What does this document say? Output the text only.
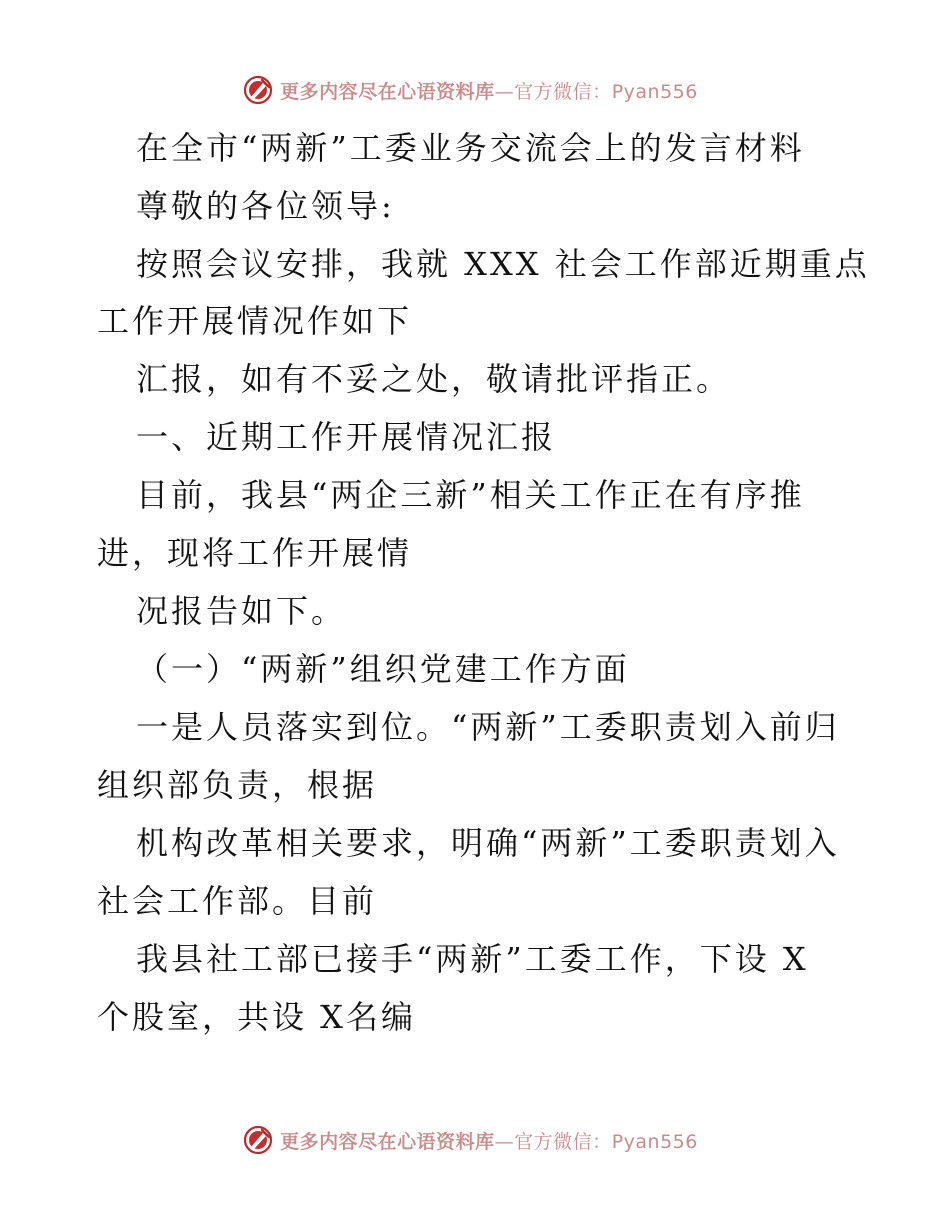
更多内容尽在心语资料库—官方微信：Pyan556
在全市“两新”工委业务交流会上的发言材料
尊敬的各位领导:
按照会议安排，我就 XXX 社会工作部近期重点
工作开展情况作如下
汇报，如有不妥之处，敬请批评指正。
一、近期工作开展情况汇报
目前，我县“两企三新”相关工作正在有序推
进，现将工作开展情
况报告如下。
（一）“两新”组织党建工作方面
一是人员落实到位。“两新”工委职责划入前归
组织部负责，根据
机构改革相关要求，明确“两新”工委职责划入
社会工作部。目前
我县社工部已接手“两新”工委工作，下设 X
个股室，共设 X名编
更多内容尽在心语资料库—官方微信：Pyan556
